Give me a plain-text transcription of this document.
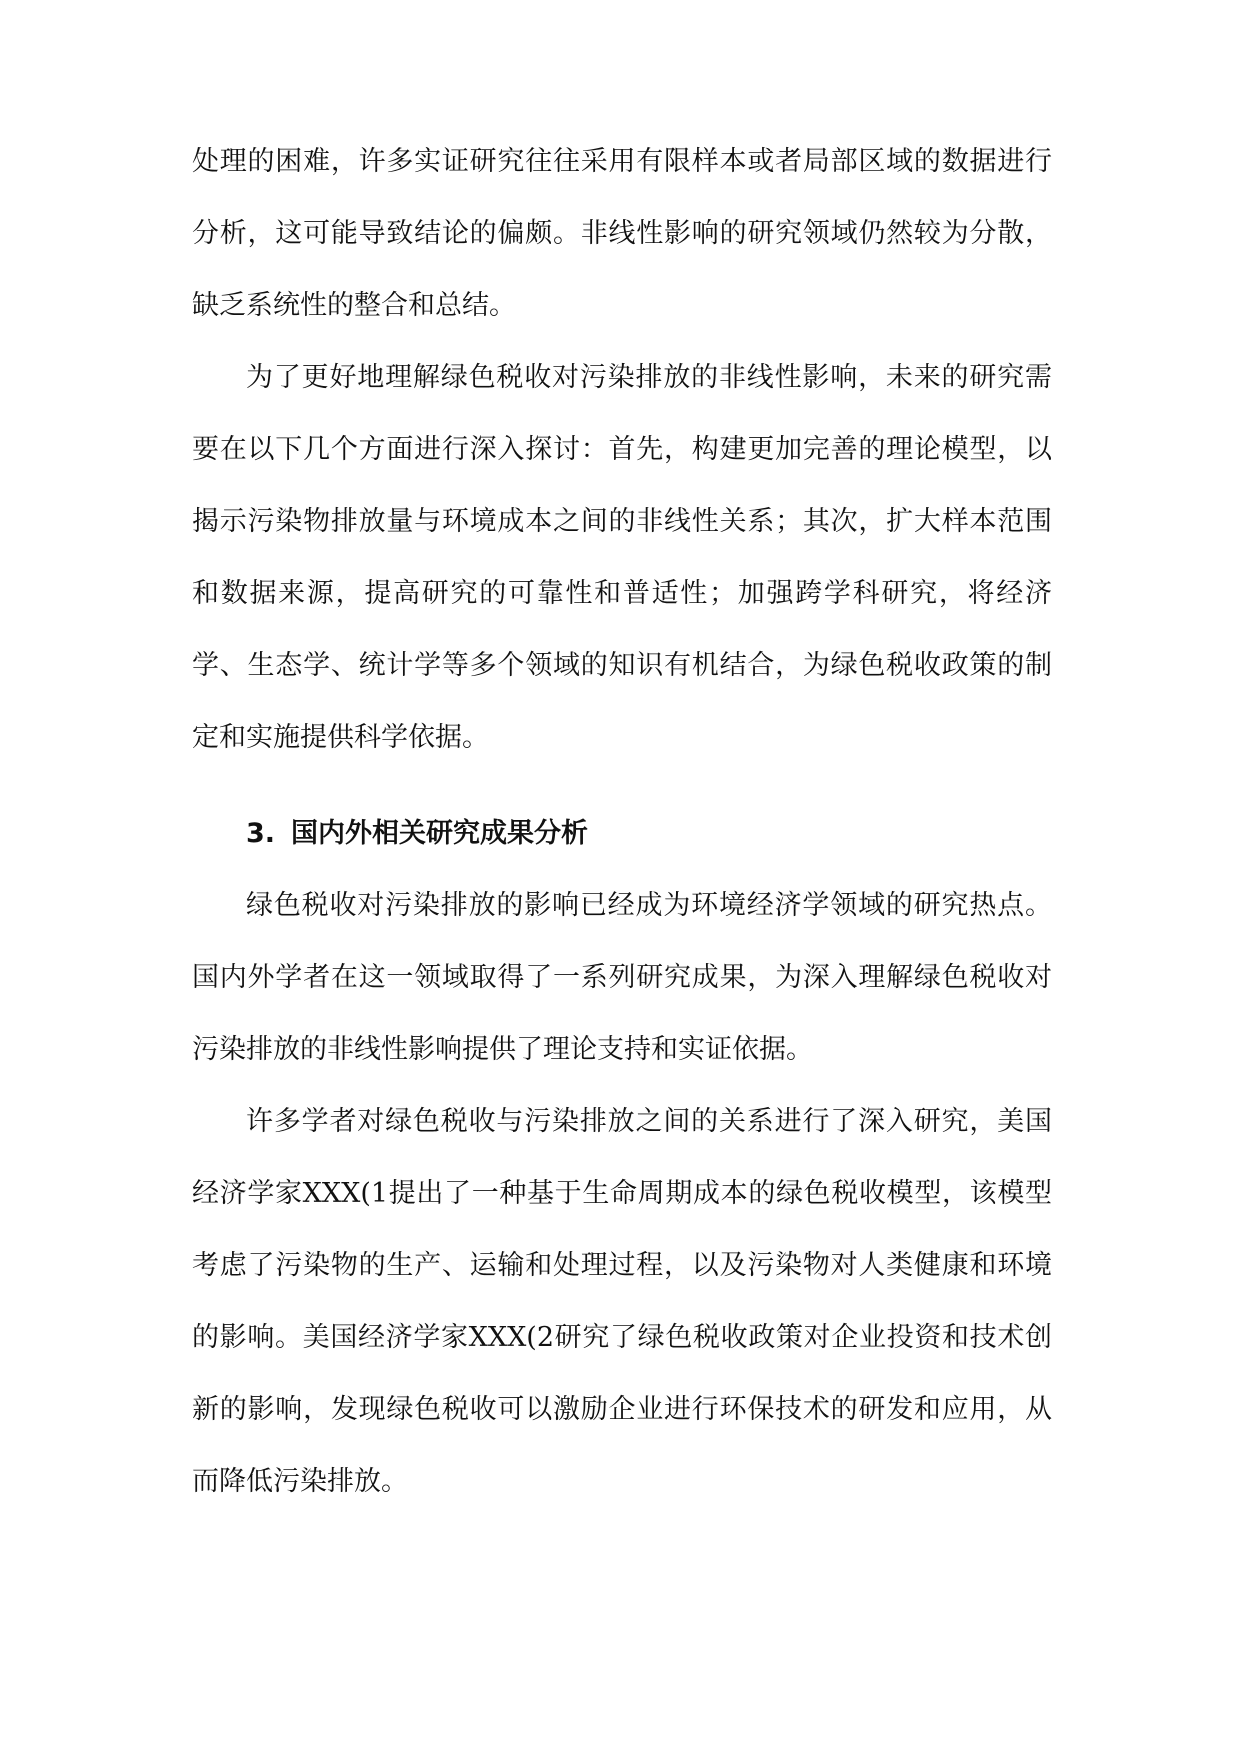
处理的困难，许多实证研究往往采用有限样本或者局部区域的数据进行分析，这可能导致结论的偏颇。非线性影响的研究领域仍然较为分散，缺乏系统性的整合和总结。

为了更好地理解绿色税收对污染排放的非线性影响，未来的研究需要在以下几个方面进行深入探讨：首先，构建更加完善的理论模型，以揭示污染物排放量与环境成本之间的非线性关系；其次，扩大样本范围和数据来源，提高研究的可靠性和普适性；加强跨学科研究，将经济学、生态学、统计学等多个领域的知识有机结合，为绿色税收政策的制定和实施提供科学依据。

3. 国内外相关研究成果分析

绿色税收对污染排放的影响已经成为环境经济学领域的研究热点。国内外学者在这一领域取得了一系列研究成果，为深入理解绿色税收对污染排放的非线性影响提供了理论支持和实证依据。

许多学者对绿色税收与污染排放之间的关系进行了深入研究，美国经济学家XXX(1提出了一种基于生命周期成本的绿色税收模型，该模型考虑了污染物的生产、运输和处理过程，以及污染物对人类健康和环境的影响。美国经济学家XXX(2研究了绿色税收政策对企业投资和技术创新的影响，发现绿色税收可以激励企业进行环保技术的研发和应用，从而降低污染排放。
